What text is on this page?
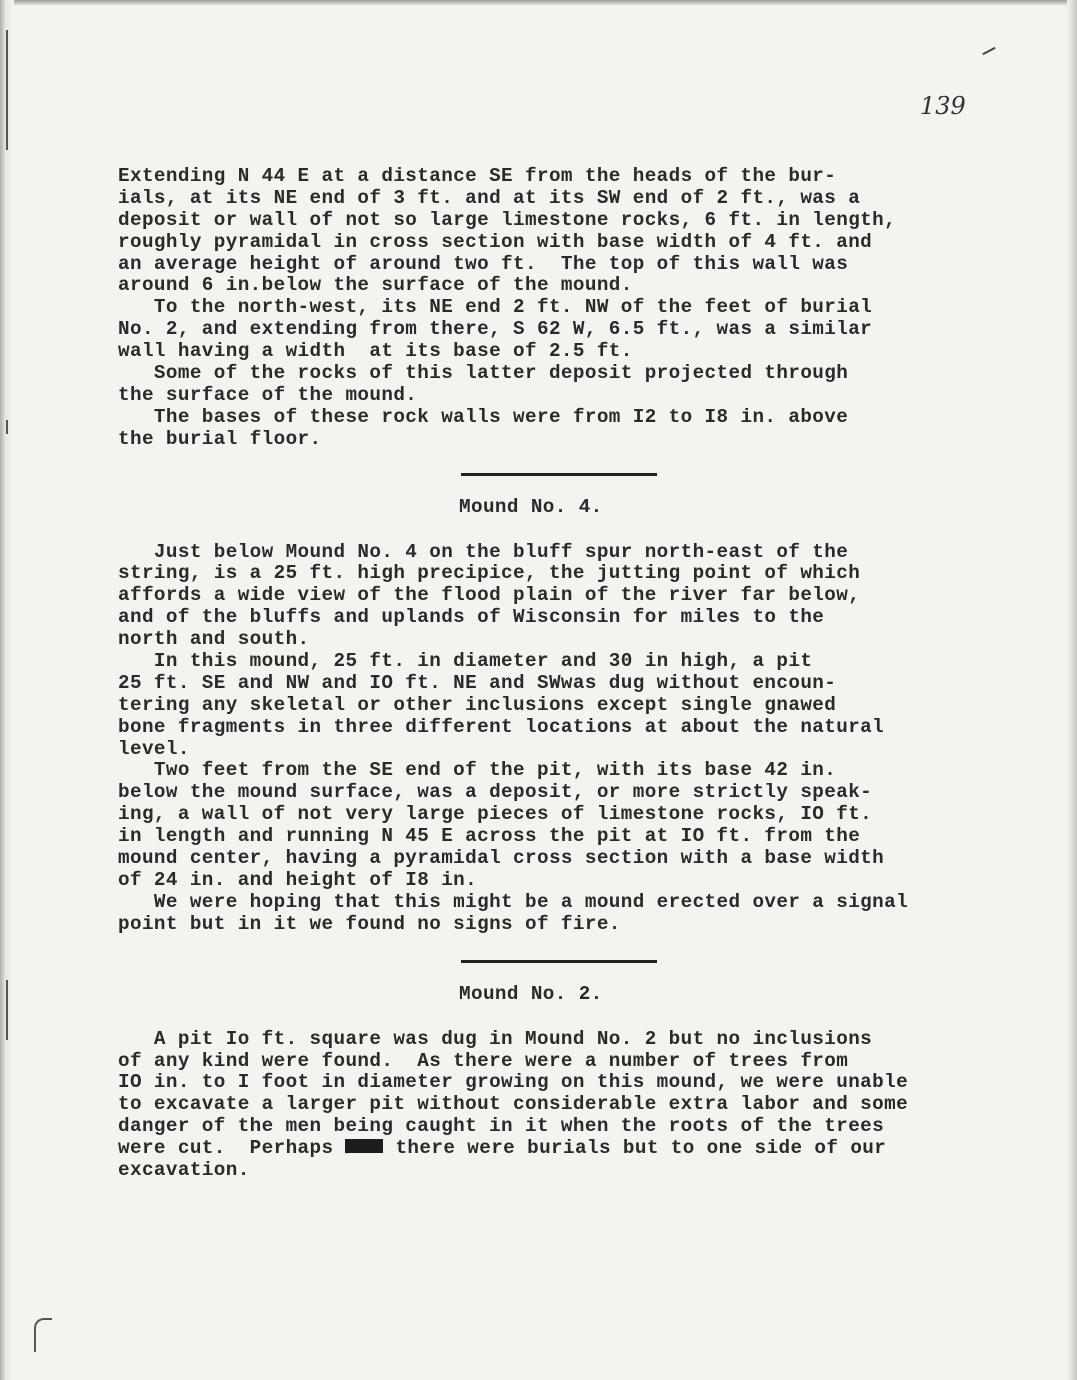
139
Extending N 44 E at a distance SE from the heads of the bur-
ials, at its NE end of 3 ft. and at its SW end of 2 ft., was a
deposit or wall of not so large limestone rocks, 6 ft. in length,
roughly pyramidal in cross section with base width of 4 ft. and
an average height of around two ft.  The top of this wall was
around 6 in.below the surface of the mound.
To the north-west, its NE end 2 ft. NW of the feet of burial
No. 2, and extending from there, S 62 W, 6.5 ft., was a similar
wall having a width  at its base of 2.5 ft.
Some of the rocks of this latter deposit projected through
the surface of the mound.
The bases of these rock walls were from I2 to I8 in. above
the burial floor.
Mound No. 4.
Just below Mound No. 4 on the bluff spur north-east of the
string, is a 25 ft. high precipice, the jutting point of which
affords a wide view of the flood plain of the river far below,
and of the bluffs and uplands of Wisconsin for miles to the
north and south.
In this mound, 25 ft. in diameter and 30 in high, a pit
25 ft. SE and NW and IO ft. NE and SWwas dug without encoun-
tering any skeletal or other inclusions except single gnawed
bone fragments in three different locations at about the natural
level.
Two feet from the SE end of the pit, with its base 42 in.
below the mound surface, was a deposit, or more strictly speak-
ing, a wall of not very large pieces of limestone rocks, IO ft.
in length and running N 45 E across the pit at IO ft. from the
mound center, having a pyramidal cross section with a base width
of 24 in. and height of I8 in.
We were hoping that this might be a mound erected over a signal
point but in it we found no signs of fire.
Mound No. 2.
A pit Io ft. square was dug in Mound No. 2 but no inclusions
of any kind were found.  As there were a number of trees from
IO in. to I foot in diameter growing on this mound, we were unable
to excavate a larger pit without considerable extra labor and some
danger of the men being caught in it when the roots of the trees
were cut.  Perhaps	the there were burials but to one side of our
excavation.
